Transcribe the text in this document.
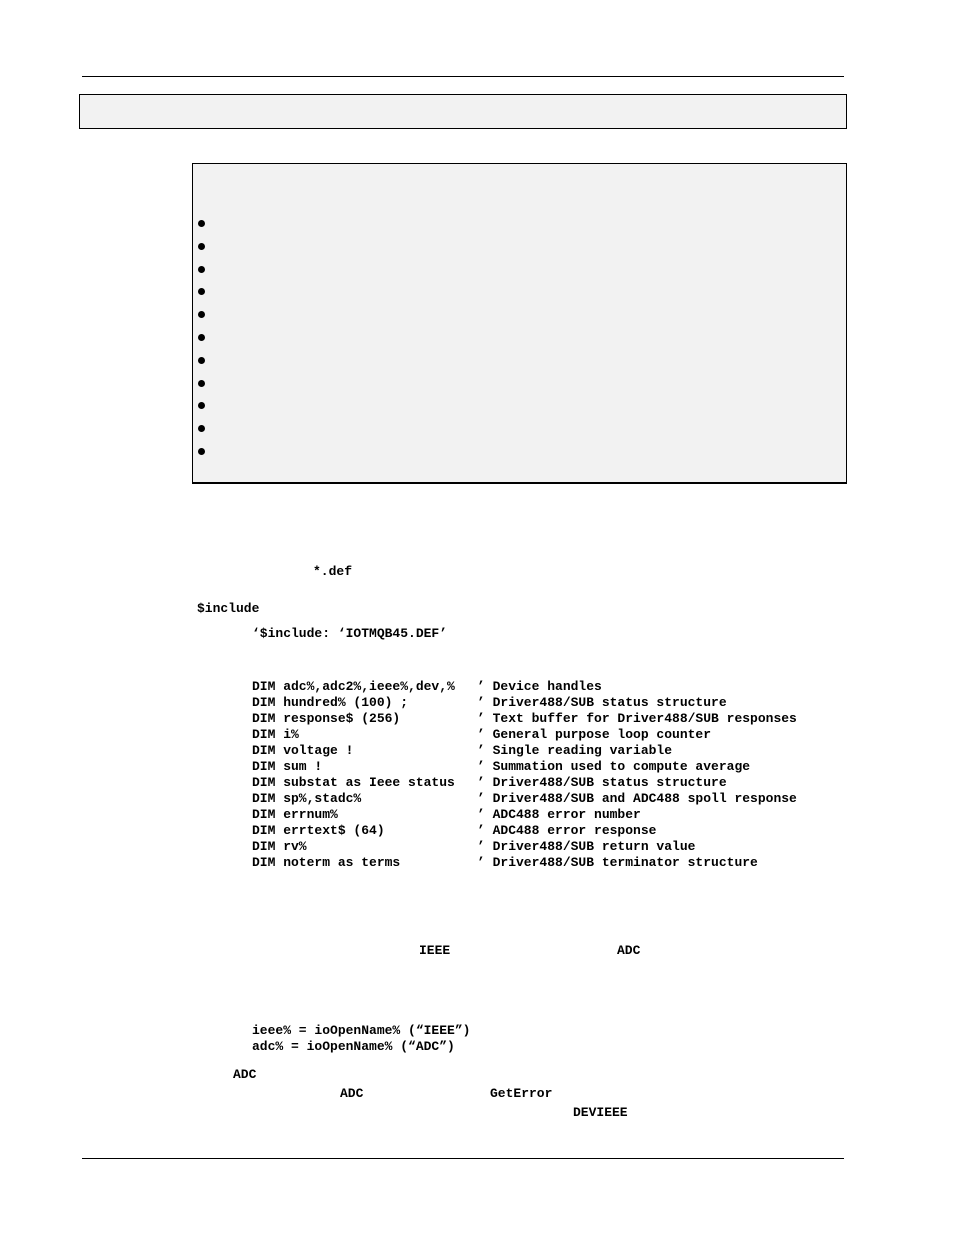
*.def
$include
‘$include: ‘IOTMQB45.DEF’
DIM adc%,adc2%,ieee%,dev,% ’ Device handles
DIM hundred% (100) ;	’ Driver488/SUB status structure
DIM response$ (256)	’ Text buffer for Driver488/SUB responses
DIM i%	’ General purpose loop counter
DIM voltage !	’ Single reading variable
DIM sum !	’ Summation used to compute average
DIM substat as Ieee status ’ Driver488/SUB status structure
DIM sp%,stadc%	’ Driver488/SUB and ADC488 spoll response
DIM errnum%	’ ADC488 error number
DIM errtext$ (64)	’ ADC488 error response
DIM rv%	’ Driver488/SUB return value
DIM noterm as terms	’ Driver488/SUB terminator structure
IEEE	ADC
ieee% = ioOpenName% (“IEEE”)
adc% = ioOpenName% (“ADC”)
ADC
ADC	GetError
DEVIEEE
